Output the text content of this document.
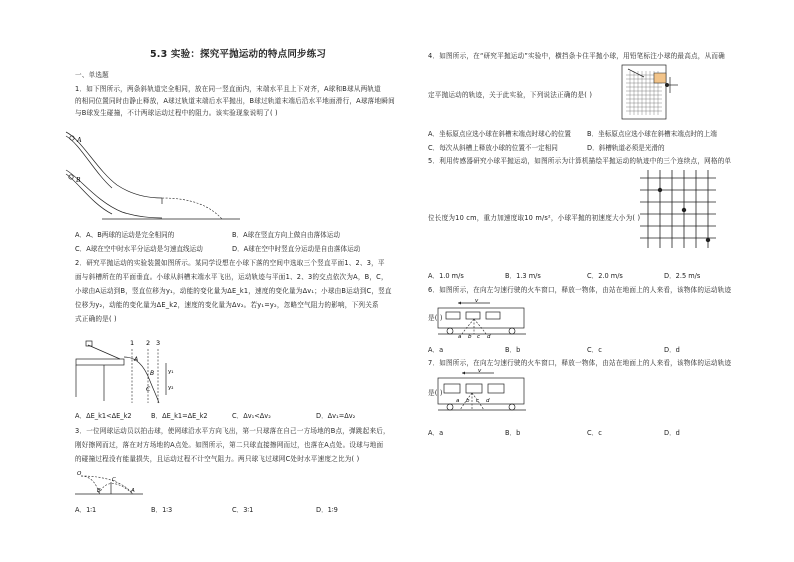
5.3 实验：探究平抛运动的特点同步练习
一、单选题
1．如下图所示，两条斜轨道完全相同，放在同一竖直面内，末端水平且上下对齐，A球和B球从两轨道
的相同位置同时由静止释放，A球过轨道末端后水平抛出，B球过轨道末端后沿水平地面滑行，A球落地瞬间
与B球发生碰撞，不计两球运动过程中的阻力。该实验现象说明了( )
A
B
A．A、B两球的运动是完全相同的	B．A球在竖直方向上做自由落体运动
C．A球在空中时水平分运动是匀速直线运动	D．A球在空中时竖直分运动是自由落体运动
2．研究平抛运动的实验装置如图所示。某同学设想在小球下落的空间中选取三个竖直平面1、2、3，平
面与斜槽所在的平面垂直。小球从斜槽末端水平飞出，运动轨迹与平面1、2、3的交点依次为A，B，C，
小球由A运动到B，竖直位移为y₁，动能的变化量为ΔE_k1，速度的变化量为Δv₁；小球由B运动到C，竖直
位移为y₂，动能的变化量为ΔE_k2，速度的变化量为Δv₂。若y₁=y₂，忽略空气阻力的影响，下列关系
式正确的是( )
1 2 3
A
B
C
y₁
y₂
A．ΔE_k1<ΔE_k2	B．ΔE_k1=ΔE_k2	C．Δv₁<Δv₂	D．Δv₁=Δv₂
3．一位网球运动员以拍击球，使网球沿水平方向飞出，第一只球落在自己一方场地的B点，弹跳起来后，
刚好擦网而过，落在对方场地的A点处。如图所示，第二只球直接擦网而过，也落在A点处。设球与地面
的碰撞过程没有能量损失，且运动过程不计空气阻力。两只球飞过球网C处时水平速度之比为( )
O
B
C
A
A．1∶1	B．1∶3	C．3∶1	D．1∶9
4．如图所示，在“研究平抛运动”实验中，横挡条卡住平抛小球，用铅笔标注小球的最高点，从而确
定平抛运动的轨迹，关于此实验，下列说法正确的是( )
A．坐标原点应选小球在斜槽末端点时球心的位置 B．坐标原点应选小球在斜槽末端点时的上端
C．每次从斜槽上释放小球的位置不一定相同	D．斜槽轨道必须是光滑的
5．利用传感器研究小球平抛运动，如图所示为计算机描绘平抛运动的轨迹中的三个连续点，网格的单
位长度为10 cm，重力加速度取10 m/s²，小球平抛的初速度大小为( )
A．1.0 m/s	B．1.3 m/s	C．2.0 m/s	D．2.5 m/s
6．如图所示，在向左匀速行驶的火车窗口，释放一物体，由站在地面上的人来看，该物体的运动轨迹
是( )
v
a b c d
A．a	B．b	C．c	D．d
7．如图所示，在向左匀速行驶的火车窗口，释放一物体，由站在地面上的人来看，该物体的运动轨迹
是( )
v
a b c d
A．a	B．b	C．c	D．d
